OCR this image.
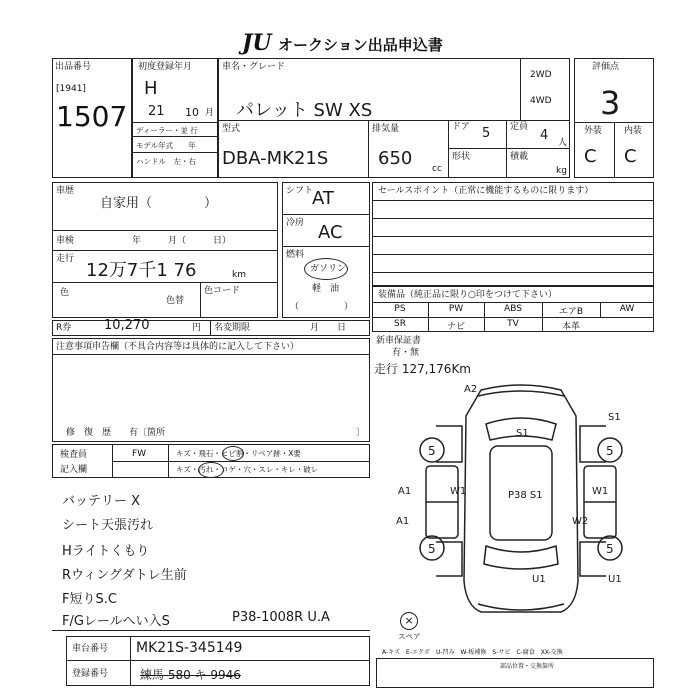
JU オークション出品申込書
出品番号
[1941]
1507
初度登録年月
H
21 10 月
ディーラー・並 行
モデル年式　　年
ハンドル　左・右
車名・グレード
パレット SW XS
2WD
4WD
型式
DBA-MK21S
排気量
650 cc
ドア 5
形状
定員
4 人
積載
kg
評価点
3
外装 内装
C C
車歴
自家用（　　　　）
車検	年　　　月（　　　日）
走行
12万7千1 76	km
色
色替
色コード
シフト
AT
冷房 AC
燃料
ガソリン
軽　油
（　　　　　）
セールスポイント（正常に機能するものに限ります）
装備品（純正品に限り○印をつけて下さい）
PS	PW	ABS	エアB	AW
SR	ナビ	TV	本革
R券	10,270	円 名変期限	月　　日
新車保証書
有・無
走行 127,176Km
注意事項申告欄（不具合内容等は具体的に記入して下さい）
修　復　歴　　有〔箇所	〕
検査員
記入欄
FW	キズ・飛石・ヒビ割・リペア跡・X要
キズ・汚れ・コゲ・穴・スレ・キレ・破レ
バッテリー X
シート天張汚れ
Hライトくもり
Rウィングダトレ生前
F短りS.C
F/Gレールへい入S	P38-1008R U.A
5	5
5	5
A2
S1
S1
A1	W1	W1
P38 S1
W2
U1	U1
A1
×
スペア
車台番号 MK21S-345149
登録番号	練馬 580 キ 9946
A-キズ　E-エクボ　U-凹み　W-板補修　S-サビ　C-腐食　XX-交換
部品位置・交換箇所
